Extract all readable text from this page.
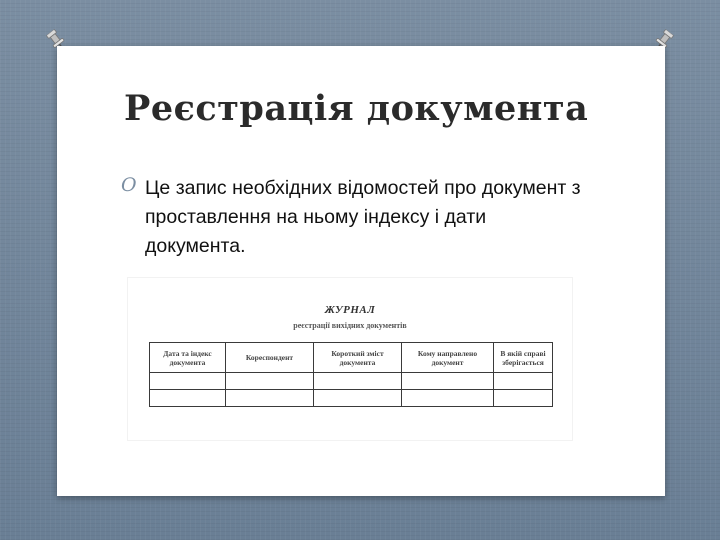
Реєстрація документа
O Це запис необхідних відомостей про документ з проставлення на ньому індексу і дати документа.
ЖУРНАЛ
реєстрації вихідних документів
Дата та індекс документа	Кореспондент	Короткий зміст документа	Кому направлено документ	В якій справі зберігається
